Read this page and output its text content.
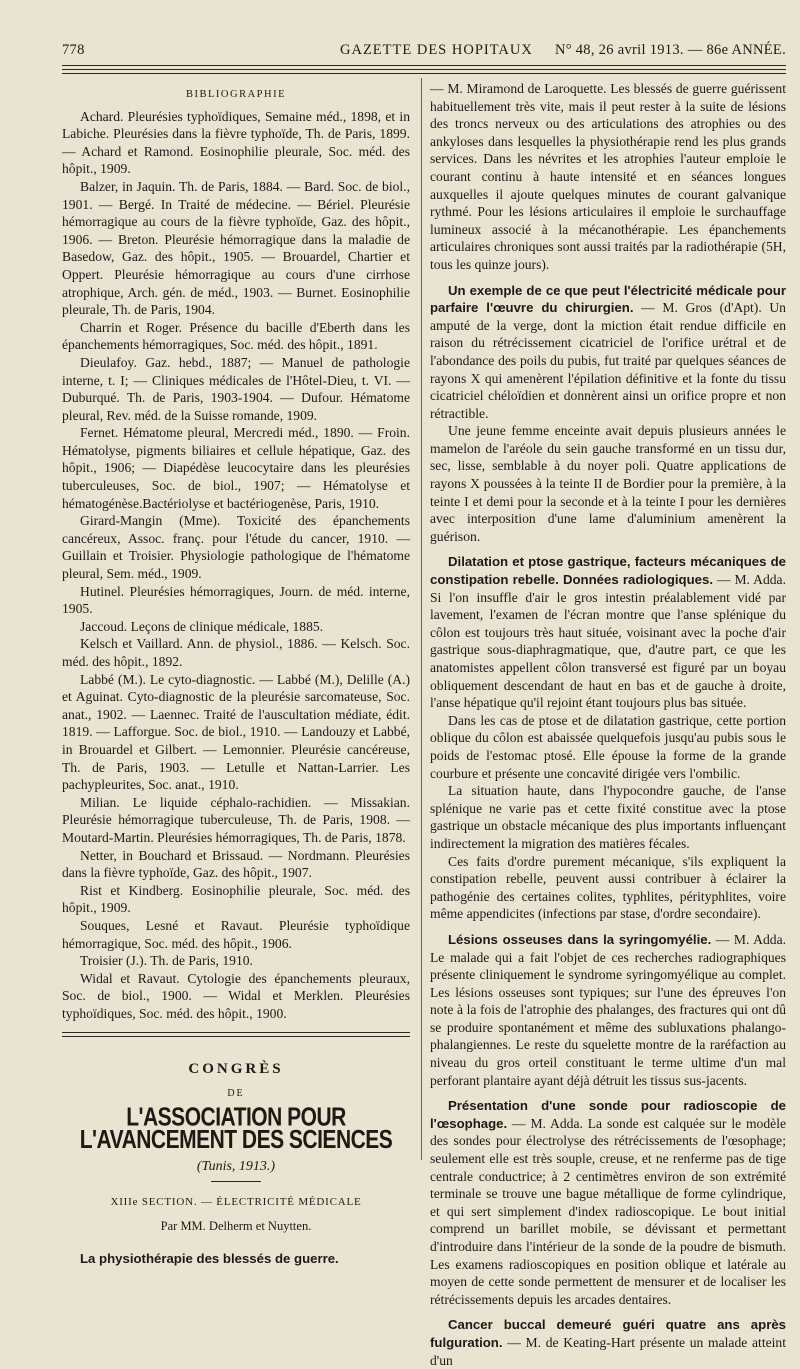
778	GAZETTE DES HOPITAUX N° 48, 26 avril 1913. — 86e ANNÉE.
BIBLIOGRAPHIE

Achard. Pleurésies typhoïdiques, Semaine méd., 1898, et in Labiche. Pleurésies dans la fièvre typhoïde, Th. de Paris, 1899. — Achard et Ramond. Eosinophilie pleurale, Soc. méd. des hôpit., 1909.

Balzer, in Jaquin. Th. de Paris, 1884. — Bard. Soc. de biol., 1901. — Bergé. In Traité de médecine. — Bériel. Pleurésie hémorragique au cours de la fièvre typhoïde, Gaz. des hôpit., 1906. — Breton. Pleurésie hémorragique dans la maladie de Basedow, Gaz. des hôpit., 1905. — Brouardel, Chartier et Oppert. Pleurésie hémorragique au cours d'une cirrhose atrophique, Arch. gén. de méd., 1903. — Burnet. Eosinophilie pleurale, Th. de Paris, 1904.

Charrin et Roger. Présence du bacille d'Eberth dans les épanchements hémorragiques, Soc. méd. des hôpit., 1891.

Dieulafoy. Gaz. hebd., 1887; — Manuel de pathologie interne, t. I; — Cliniques médicales de l'Hôtel-Dieu, t. VI. — Duburqué. Th. de Paris, 1903-1904. — Dufour. Hématome pleural, Rev. méd. de la Suisse romande, 1909.

Fernet. Hématome pleural, Mercredi méd., 1890. — Froin. Hématolyse, pigments biliaires et cellule hépatique, Gaz. des hôpit., 1906; — Diapédèse leucocytaire dans les pleurésies tuberculeuses, Soc. de biol., 1907; — Hématolyse et hématogénèse.Bactériolyse et bactériogenèse, Paris, 1910.

Girard-Mangin (Mme). Toxicité des épanchements cancéreux, Assoc. franç. pour l'étude du cancer, 1910. — Guillain et Troisier. Physiologie pathologique de l'hématome pleural, Sem. méd., 1909.

Hutinel. Pleurésies hémorragiques, Journ. de méd. interne, 1905.

Jaccoud. Leçons de clinique médicale, 1885.

Kelsch et Vaillard. Ann. de physiol., 1886. — Kelsch. Soc. méd. des hôpit., 1892.

Labbé (M.). Le cyto-diagnostic. — Labbé (M.), Delille (A.) et Aguinat. Cyto-diagnostic de la pleurésie sarcomateuse, Soc. anat., 1902. — Laennec. Traité de l'auscultation médiate, édit. 1819. — Lafforgue. Soc. de biol., 1910. — Landouzy et Labbé, in Brouardel et Gilbert. — Lemonnier. Pleurésie cancéreuse, Th. de Paris, 1903. — Letulle et Nattan-Larrier. Les pachypleurites, Soc. anat., 1910.

Milian. Le liquide céphalo-rachidien. — Missakian. Pleurésie hémorragique tuberculeuse, Th. de Paris, 1908. — Moutard-Martin. Pleurésies hémorragiques, Th. de Paris, 1878.

Netter, in Bouchard et Brissaud. — Nordmann. Pleurésies dans la fièvre typhoïde, Gaz. des hôpit., 1907.

Rist et Kindberg. Eosinophilie pleurale, Soc. méd. des hôpit., 1909.

Souques, Lesné et Ravaut. Pleurésie typhoïdique hémorragique, Soc. méd. des hôpit., 1906.

Troisier (J.). Th. de Paris, 1910.

Widal et Ravaut. Cytologie des épanchements pleuraux, Soc. de biol., 1900. — Widal et Merklen. Pleurésies typhoïdiques, Soc. méd. des hôpit., 1900.

CONGRÈS
DE
L'ASSOCIATION POUR L'AVANCEMENT DES SCIENCES
(Tunis, 1913.)
XIIIe SECTION. — ÉLECTRICITÉ MÉDICALE
Par MM. Delherm et Nuytten.

La physiothérapie des blessés de guerre.

— M. Miramond de Laroquette. Les blessés de guerre guérissent habituellement très vite, mais il peut rester à la suite de lésions des troncs nerveux ou des articulations des atrophies ou des ankyloses dans lesquelles la physiothérapie rend les plus grands services. Dans les névrites et les atrophies l'auteur emploie le courant continu à haute intensité et en séances longues auxquelles il ajoute quelques minutes de courant galvanique rythmé. Pour les lésions articulaires il emploie le surchauffage lumineux associé à la mécanothérapie. Les épanchements articulaires chroniques sont aussi traités par la radiothérapie (5H, tous les quinze jours).

Un exemple de ce que peut l'électricité médicale pour parfaire l'œuvre du chirurgien. — M. Gros (d'Apt). Un amputé de la verge, dont la miction était rendue difficile en raison du rétrécissement cicatriciel de l'orifice urétral et de l'abondance des poils du pubis, fut traité par quelques séances de rayons X qui amenèrent l'épilation définitive et la fonte du tissu cicatriciel chéloïdien et donnèrent ainsi un orifice propre et non rétractible.

Une jeune femme enceinte avait depuis plusieurs années le mamelon de l'aréole du sein gauche transformé en un tissu dur, sec, lisse, semblable à du noyer poli. Quatre applications de rayons X poussées à la teinte II de Bordier pour la première, à la teinte I et demi pour la seconde et à la teinte I pour les dernières avec interposition d'une lame d'aluminium amenèrent la guérison.

Dilatation et ptose gastrique, facteurs mécaniques de constipation rebelle. Données radiologiques. — M. Adda. Si l'on insuffle d'air le gros intestin préalablement vidé par lavement, l'examen de l'écran montre que l'anse splénique du côlon est toujours très haut située, voisinant avec la poche d'air gastrique sous-diaphragmatique, que, d'autre part, ce que les anatomistes appellent côlon transversé est figuré par un boyau obliquement descendant de haut en bas et de gauche à droite, l'anse hépatique qu'il rejoint étant toujours plus bas située.

Dans les cas de ptose et de dilatation gastrique, cette portion oblique du côlon est abaissée quelquefois jusqu'au pubis sous le poids de l'estomac ptosé. Elle épouse la forme de la grande courbure et présente une concavité dirigée vers l'ombilic.

La situation haute, dans l'hypocondre gauche, de l'anse splénique ne varie pas et cette fixité constitue avec la ptose gastrique un obstacle mécanique des plus importants influençant indirectement la migration des matières fécales.

Ces faits d'ordre purement mécanique, s'ils expliquent la constipation rebelle, peuvent aussi contribuer à éclairer la pathogénie des certaines colites, typhlites, pérityphlites, voire même appendicites (infections par stase, d'ordre secondaire).

Lésions osseuses dans la syringomyélie. — M. Adda. Le malade qui a fait l'objet de ces recherches radiographiques présente cliniquement le syndrome syringomyélique au complet. Les lésions osseuses sont typiques; sur l'une des épreuves l'on note à la fois de l'atrophie des phalanges, des fractures qui ont dû se produire spontanément et même des subluxations phalango-phalangiennes. Le reste du squelette montre de la raréfaction au niveau du gros orteil constituant le terme ultime d'un mal perforant plantaire ayant déjà détruit les tissus sus-jacents.

Présentation d'une sonde pour radioscopie de l'œsophage. — M. Adda. La sonde est calquée sur le modèle des sondes pour électrolyse des rétrécissements de l'œsophage; seulement elle est très souple, creuse, et ne renferme pas de tige centrale conductrice; à 2 centimètres environ de son extrémité terminale se trouve une bague métallique de forme cylindrique, et qui sert simplement d'index radioscopique. Le bout initial comprend un barillet mobile, se dévissant et permettant d'introduire dans l'intérieur de la sonde de la poudre de bismuth. Les examens radioscopiques en position oblique et latérale au moyen de cette sonde permettent de mensurer et de localiser les rétrécissements depuis les arcades dentaires.

Cancer buccal demeuré guéri quatre ans après fulguration. — M. de Keating-Hart présente un malade atteint d'un
